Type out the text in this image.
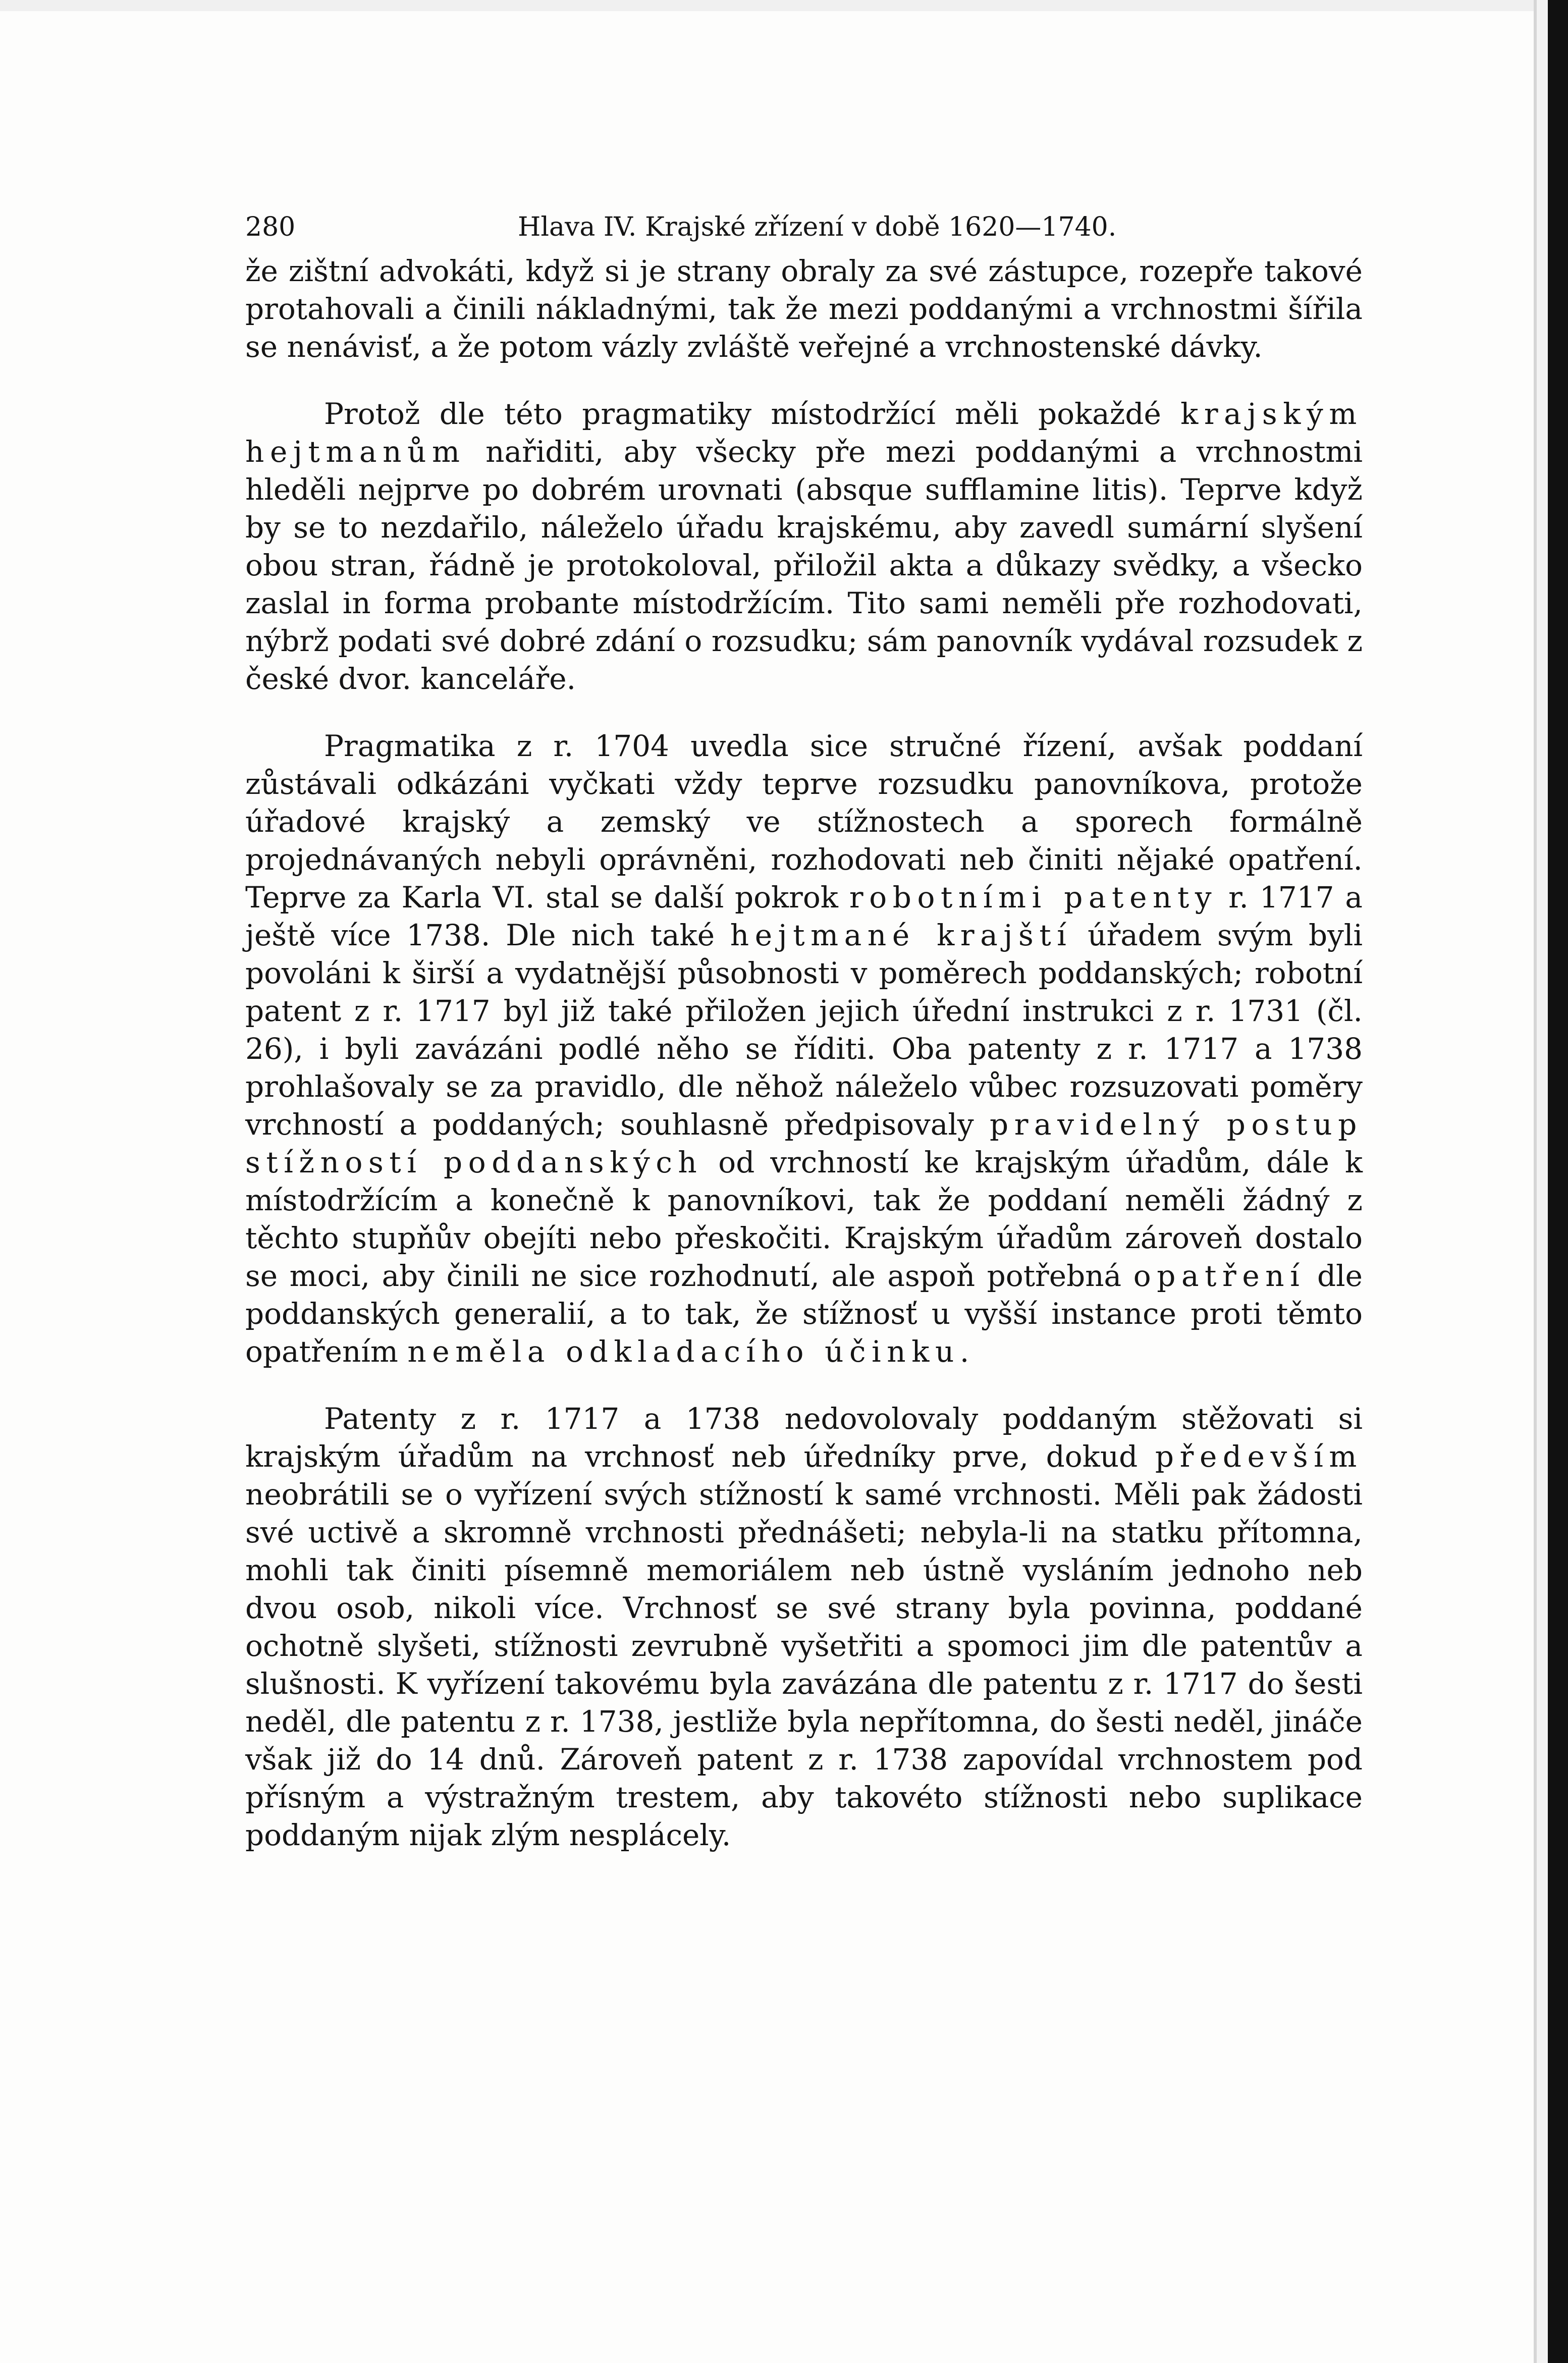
280	Hlava IV. Krajské zřízení v době 1620—1740.

že zištní advokáti, když si je strany obraly za své zástupce, rozepře takové protahovali a činili nákladnými, tak že mezi poddanými a vrchnostmi šířila se nenávisť, a že potom vázly zvláště veřejné a vrchnostenské dávky.

Protož dle této pragmatiky místodržící měli pokaždé krajským hejtmanům nařiditi, aby všecky pře mezi poddanými a vrchnostmi hleděli nejprve po dobrém urovnati (absque sufflamine litis). Teprve když by se to nezdařilo, náleželo úřadu krajskému, aby zavedl sumární slyšení obou stran, řádně je protokoloval, přiložil akta a důkazy svědky, a všecko zaslal in forma probante místodržícím. Tito sami neměli pře rozhodovati, nýbrž podati své dobré zdání o rozsudku; sám panovník vydával rozsudek z české dvor. kanceláře.

Pragmatika z r. 1704 uvedla sice stručné řízení, avšak poddaní zůstávali odkázáni vyčkati vždy teprve rozsudku panovníkova, protože úřadové krajský a zemský ve stížnostech a sporech formálně projednávaných nebyli oprávněni, rozhodovati neb činiti nějaké opatření. Teprve za Karla VI. stal se další pokrok robotními patenty r. 1717 a ještě více 1738. Dle nich také hejtmané krajští úřadem svým byli povoláni k širší a vydatnější působnosti v poměrech poddanských; robotní patent z r. 1717 byl již také přiložen jejich úřední instrukci z r. 1731 (čl. 26), i byli zavázáni podlé něho se říditi. Oba patenty z r. 1717 a 1738 prohlašovaly se za pravidlo, dle něhož náleželo vůbec rozsuzovati poměry vrchností a poddaných; souhlasně předpisovaly pravidelný postup stížností poddanských od vrchností ke krajským úřadům, dále k místodržícím a konečně k panovníkovi, tak že poddaní neměli žádný z těchto stupňův obejíti nebo přeskočiti. Krajským úřadům zároveň dostalo se moci, aby činili ne sice rozhodnutí, ale aspoň potřebná opatření dle poddanských generalií, a to tak, že stížnosť u vyšší instance proti těmto opatřením neměla odkladacího účinku.

Patenty z r. 1717 a 1738 nedovolovaly poddaným stěžovati si krajským úřadům na vrchnosť neb úředníky prve, dokud především neobrátili se o vyřízení svých stížností k samé vrchnosti. Měli pak žádosti své uctivě a skromně vrchnosti přednášeti; nebyla-li na statku přítomna, mohli tak činiti písemně memoriálem neb ústně vysláním jednoho neb dvou osob, nikoli více. Vrchnosť se své strany byla povinna, poddané ochotně slyšeti, stížnosti zevrubně vyšetřiti a spomoci jim dle patentův a slušnosti. K vyřízení takovému byla zavázána dle patentu z r. 1717 do šesti neděl, dle patentu z r. 1738, jestliže byla nepřítomna, do šesti neděl, jináče však již do 14 dnů. Zároveň patent z r. 1738 zapovídal vrchnostem pod přísným a výstražným trestem, aby takovéto stížnosti nebo suplikace poddaným nijak zlým nesplácely.
